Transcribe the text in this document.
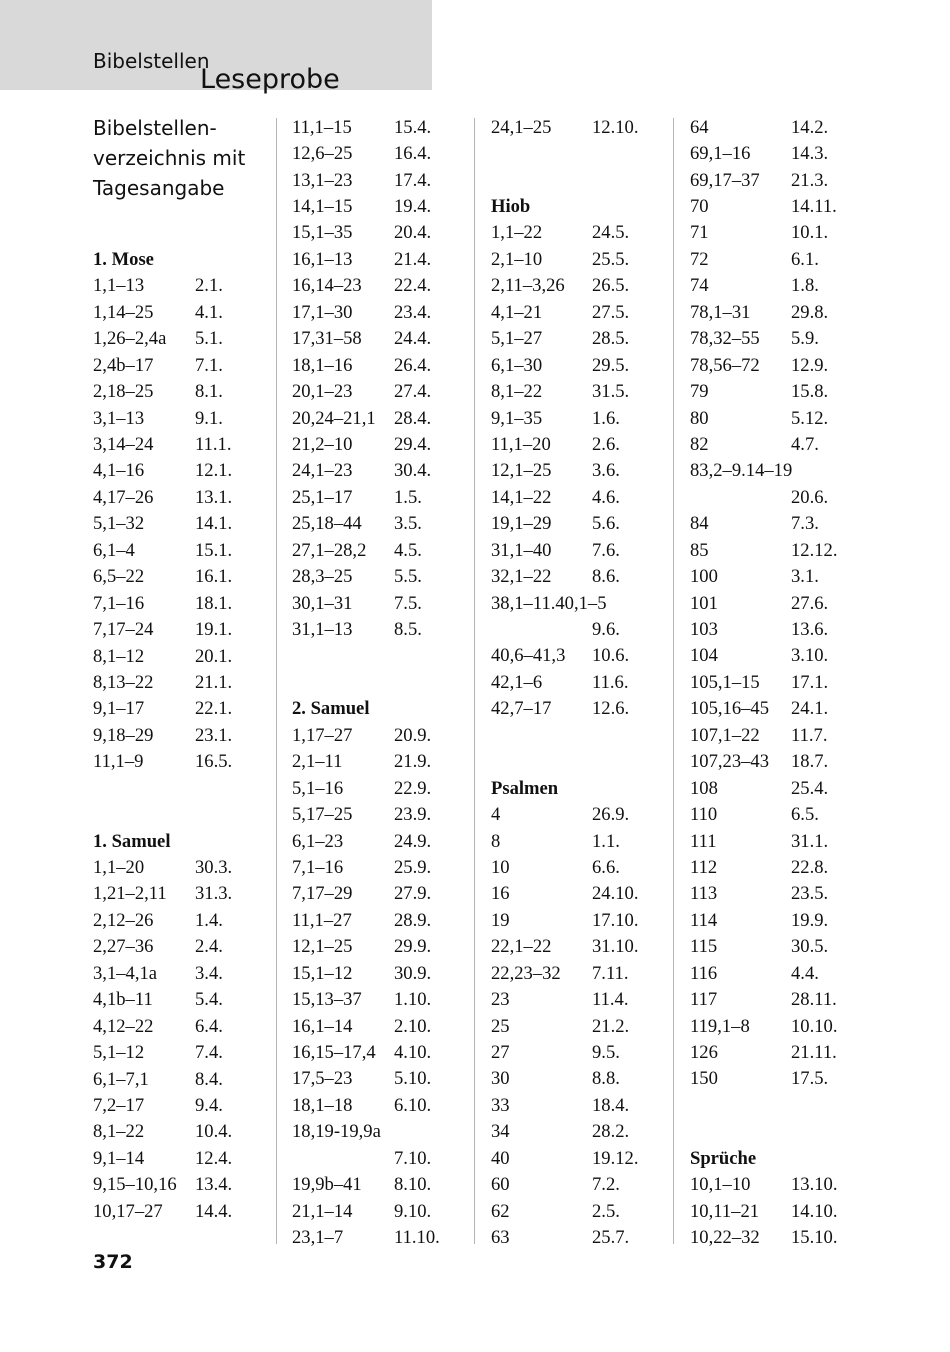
Bibelstellen
Leseprobe
Bibelstellen-
verzeichnis mit
Tagesangabe
1. Mose
1,1–13	2.1.
1,14–25 4.1.
1,26–2,4a 5.1.
2,4b–17 7.1.
2,18–25 8.1.
3,1–13	9.1.
3,14–24 11.1.
4,1–16	12.1.
4,17–26 13.1.
5,1–32	14.1.
6,1–4	15.1.
6,5–22	16.1.
7,1–16	18.1.
7,17–24 19.1.
8,1–12	20.1.
8,13–22 21.1.
9,1–17	22.1.
9,18–29 23.1.
11,1–9	16.5.
1. Samuel
1,1–20	30.3.
1,21–2,11 31.3.
2,12–26 1.4.
2,27–36 2.4.
3,1–4,1a 3.4.
4,1b–11 5.4.
4,12–22 6.4.
5,1–12	7.4.
6,1–7,1 8.4.
7,2–17	9.4.
8,1–22	10.4.
9,1–14	12.4.
9,15–10,16 13.4.
10,17–27 14.4.
11,1–15 15.4.
12,6–25 16.4.
13,1–23 17.4.
14,1–15 19.4.
15,1–35 20.4.
16,1–13 21.4.
16,14–23 22.4.
17,1–30 23.4.
17,31–58 24.4.
18,1–16 26.4.
20,1–23 27.4.
20,24–21,1 28.4.
21,2–10 29.4.
24,1–23 30.4.
25,1–17 1.5.
25,18–44 3.5.
27,1–28,2 4.5.
28,3–25 5.5.
30,1–31 7.5.
31,1–13 8.5.
2. Samuel
1,17–27 20.9.
2,1–11	21.9.
5,1–16	22.9.
5,17–25 23.9.
6,1–23	24.9.
7,1–16	25.9.
7,17–29 27.9.
11,1–27 28.9.
12,1–25 29.9.
15,1–12 30.9.
15,13–37 1.10.
16,1–14 2.10.
16,15–17,4 4.10.
17,5–23 5.10.
18,1–18 6.10.
18,19-19,9a
7.10.
19,9b–41 8.10.
21,1–14 9.10.
23,1–7	11.10.
24,1–25 12.10.
Hiob
1,1–22	24.5.
2,1–10	25.5.
2,11–3,26 26.5.
4,1–21	27.5.
5,1–27	28.5.
6,1–30	29.5.
8,1–22	31.5.
9,1–35	1.6.
11,1–20 2.6.
12,1–25 3.6.
14,1–22 4.6.
19,1–29 5.6.
31,1–40 7.6.
32,1–22 8.6.
38,1–11.40,1–5
9.6.
40,6–41,3 10.6.
42,1–6	11.6.
42,7–17 12.6.
Psalmen
4	26.9.
8	1.1.
10	6.6.
16	24.10.
19	17.10.
22,1–22 31.10.
22,23–32 7.11.
23	11.4.
25	21.2.
27	9.5.
30	8.8.
33	18.4.
34	28.2.
40	19.12.
60	7.2.
62	2.5.
63	25.7.
64	14.2.
69,1–16 14.3.
69,17–37 21.3.
70	14.11.
71	10.1.
72	6.1.
74	1.8.
78,1–31 29.8.
78,32–55 5.9.
78,56–72 12.9.
79	15.8.
80	5.12.
82	4.7.
83,2–9.14–19
20.6.
84	7.3.
85	12.12.
100	3.1.
101	27.6.
103	13.6.
104	3.10.
105,1–15 17.1.
105,16–45 24.1.
107,1–22 11.7.
107,23–43 18.7.
108	25.4.
110	6.5.
111	31.1.
112	22.8.
113	23.5.
114	19.9.
115	30.5.
116	4.4.
117	28.11.
119,1–8 10.10.
126	21.11.
150	17.5.
Sprüche
10,1–10 13.10.
10,11–21 14.10.
10,22–32 15.10.
372
